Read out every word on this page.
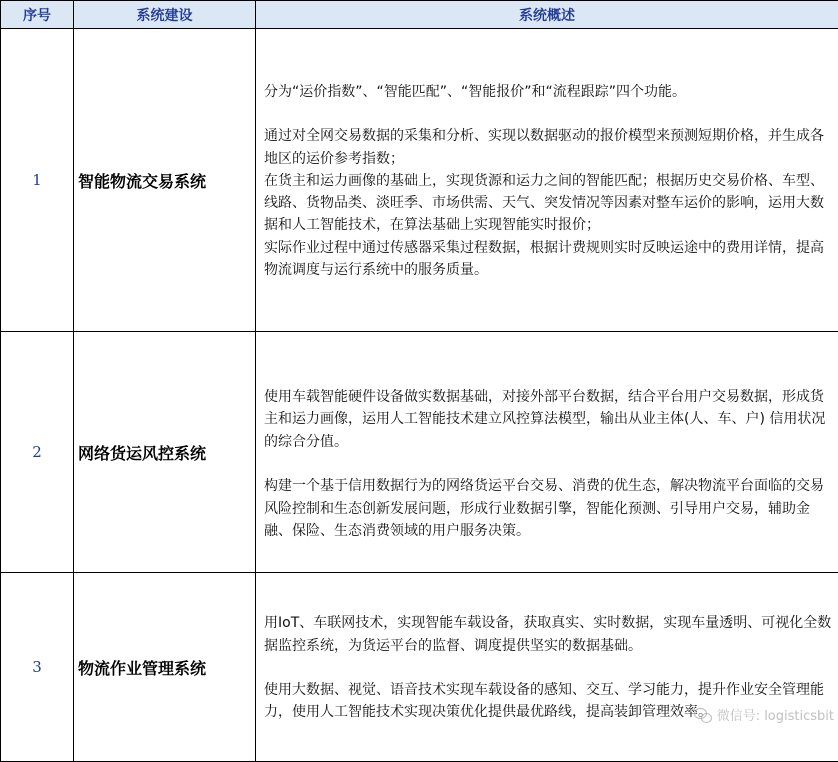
序号	系统建设	系统概述
1	智能物流交易系统	分为“运价指数”、“智能匹配”、“智能报价”和“流程跟踪”四个功能。

通过对全网交易数据的采集和分析、实现以数据驱动的报价模型来预测短期价格，并生成各地区的运价参考指数；

在货主和运力画像的基础上，实现货源和运力之间的智能匹配；根据历史交易价格、车型、线路、货物品类、淡旺季、市场供需、天气、突发情况等因素对整车运价的影响，运用大数据和人工智能技术，在算法基础上实现智能实时报价；

实际作业过程中通过传感器采集过程数据，根据计费规则实时反映运途中的费用详情，提高物流调度与运行系统中的服务质量。

2	网络货运风控系统	使用车载智能硬件设备做实数据基础，对接外部平台数据，结合平台用户交易数据，形成货主和运力画像，运用人工智能技术建立风控算法模型，输出从业主体(人、车、户) 信用状况的综合分值。

构建一个基于信用数据行为的网络货运平台交易、消费的优生态，解决物流平台面临的交易风险控制和生态创新发展问题，形成行业数据引擎，智能化预测、引导用户交易，辅助金融、保险、生态消费领域的用户服务决策。

3	物流作业管理系统	用IoT、车联网技术，实现智能车载设备，获取真实、实时数据，实现车量透明、可视化全数据监控系统，为货运平台的监督、调度提供坚实的数据基础。

使用大数据、视觉、语音技术实现车载设备的感知、交互、学习能力，提升作业安全管理能力，使用人工智能技术实现决策优化提供最优路线，提高装卸管理效率。 微信号: logisticsbit
